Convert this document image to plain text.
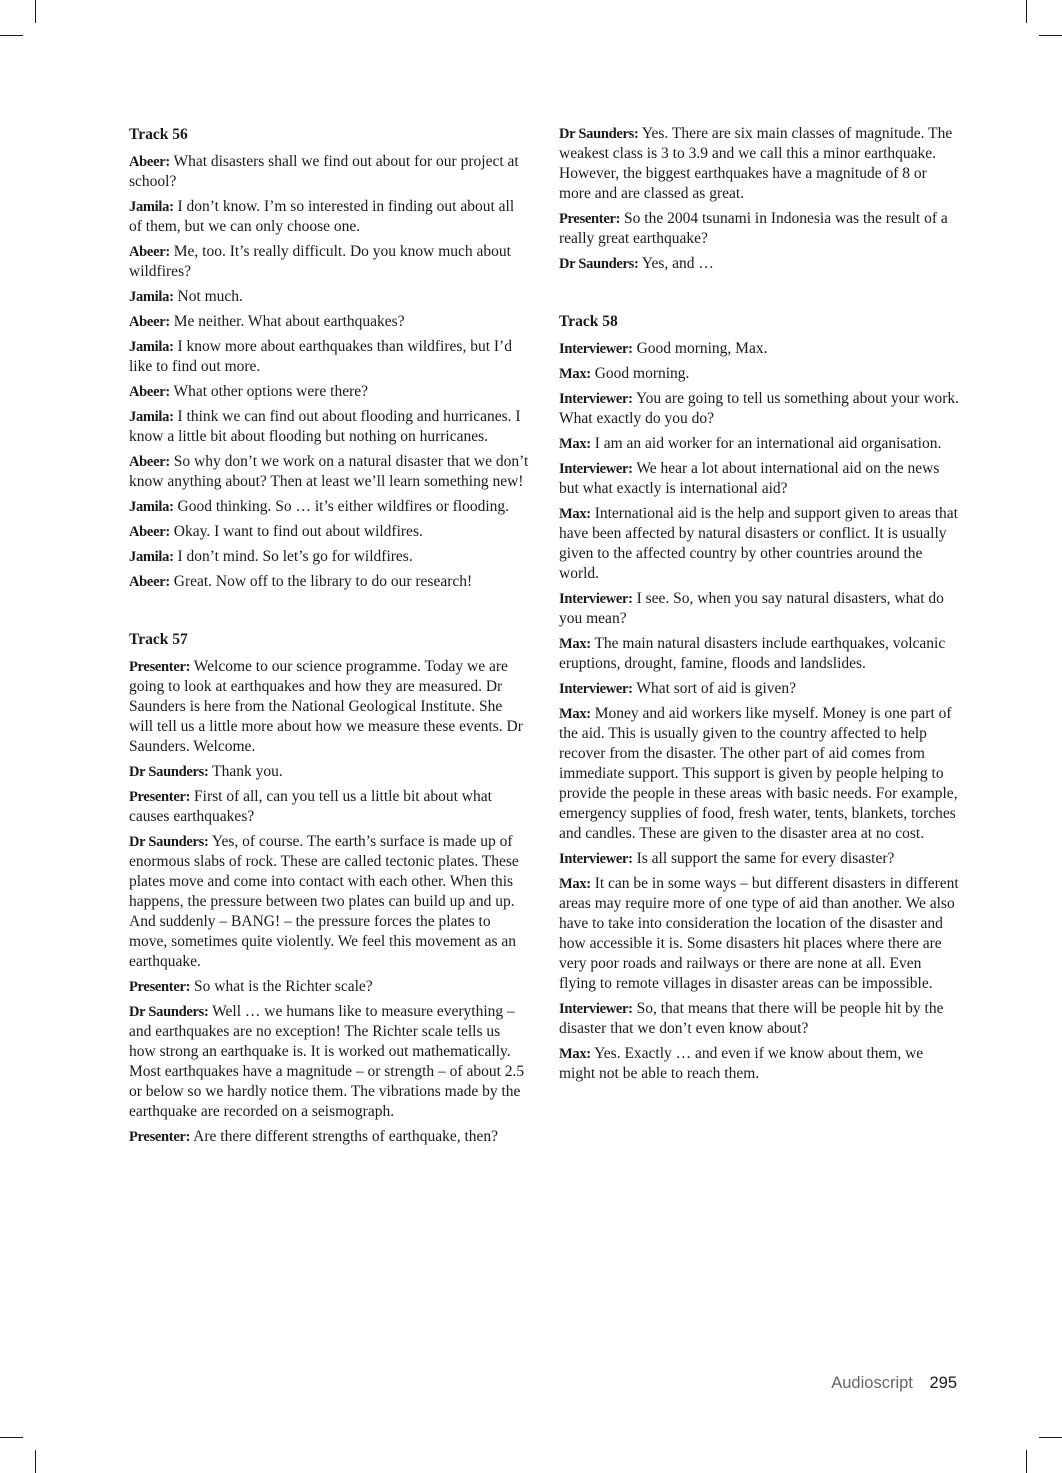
Track 56

Abeer: What disasters shall we find out about for our project at school?

Jamila: I don’t know. I’m so interested in finding out about all of them, but we can only choose one.

Abeer: Me, too. It’s really difficult. Do you know much about wildfires?

Jamila: Not much.

Abeer: Me neither. What about earthquakes?

Jamila: I know more about earthquakes than wildfires, but I’d like to find out more.

Abeer: What other options were there?

Jamila: I think we can find out about flooding and hurricanes. I know a little bit about flooding but nothing on hurricanes.

Abeer: So why don’t we work on a natural disaster that we don’t know anything about? Then at least we’ll learn something new!

Jamila: Good thinking. So … it’s either wildfires or flooding.

Abeer: Okay. I want to find out about wildfires.

Jamila: I don’t mind. So let’s go for wildfires.

Abeer: Great. Now off to the library to do our research!

Track 57

Presenter: Welcome to our science programme. Today we are going to look at earthquakes and how they are measured. Dr Saunders is here from the National Geological Institute. She will tell us a little more about how we measure these events. Dr Saunders. Welcome.

Dr Saunders: Thank you.

Presenter: First of all, can you tell us a little bit about what causes earthquakes?

Dr Saunders: Yes, of course. The earth’s surface is made up of enormous slabs of rock. These are called tectonic plates. These plates move and come into contact with each other. When this happens, the pressure between two plates can build up and up. And suddenly – BANG! – the pressure forces the plates to move, sometimes quite violently. We feel this movement as an earthquake.

Presenter: So what is the Richter scale?

Dr Saunders: Well … we humans like to measure everything – and earthquakes are no exception! The Richter scale tells us how strong an earthquake is. It is worked out mathematically. Most earthquakes have a magnitude – or strength – of about 2.5 or below so we hardly notice them. The vibrations made by the earthquake are recorded on a seismograph.

Presenter: Are there different strengths of earthquake, then?

Dr Saunders: Yes. There are six main classes of magnitude. The weakest class is 3 to 3.9 and we call this a minor earthquake. However, the biggest earthquakes have a magnitude of 8 or more and are classed as great.

Presenter: So the 2004 tsunami in Indonesia was the result of a really great earthquake?

Dr Saunders: Yes, and …

Track 58

Interviewer: Good morning, Max.

Max: Good morning.

Interviewer: You are going to tell us something about your work. What exactly do you do?

Max: I am an aid worker for an international aid organisation.

Interviewer: We hear a lot about international aid on the news but what exactly is international aid?

Max: International aid is the help and support given to areas that have been affected by natural disasters or conflict. It is usually given to the affected country by other countries around the world.

Interviewer: I see. So, when you say natural disasters, what do you mean?

Max: The main natural disasters include earthquakes, volcanic eruptions, drought, famine, floods and landslides.

Interviewer: What sort of aid is given?

Max: Money and aid workers like myself. Money is one part of the aid. This is usually given to the country affected to help recover from the disaster. The other part of aid comes from immediate support. This support is given by people helping to provide the people in these areas with basic needs. For example, emergency supplies of food, fresh water, tents, blankets, torches and candles. These are given to the disaster area at no cost.

Interviewer: Is all support the same for every disaster?

Max: It can be in some ways – but different disasters in different areas may require more of one type of aid than another. We also have to take into consideration the location of the disaster and how accessible it is. Some disasters hit places where there are very poor roads and railways or there are none at all. Even flying to remote villages in disaster areas can be impossible.

Interviewer: So, that means that there will be people hit by the disaster that we don’t even know about?

Max: Yes. Exactly … and even if we know about them, we might not be able to reach them.

Audioscript 295
